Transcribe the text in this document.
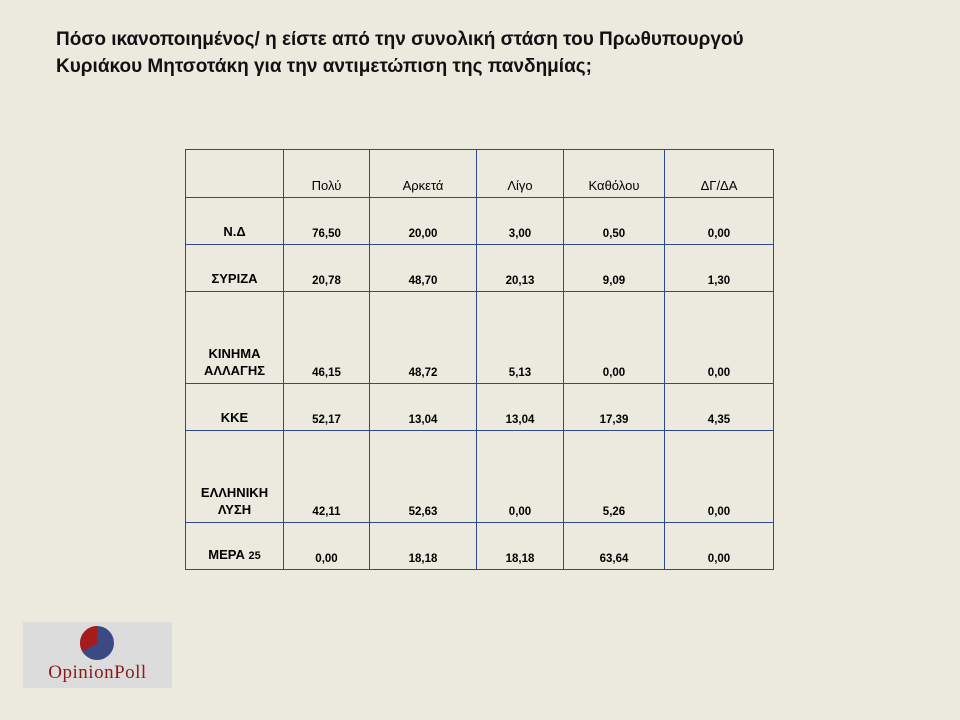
Πόσο ικανοποιημένος/ η είστε από την συνολική στάση του Πρωθυπουργού
Κυριάκου Μητσοτάκη για την αντιμετώπιση της πανδημίας;
	Πολύ	Αρκετά	Λίγο	Καθόλου	ΔΓ/ΔΑ
Ν.Δ	76,50	20,00	3,00	0,50	0,00
ΣΥΡΙΖΑ	20,78	48,70	20,13	9,09	1,30
ΚΙΝΗΜΑ
ΑΛΛΑΓΗΣ	46,15	48,72	5,13	0,00	0,00
ΚΚΕ	52,17	13,04	13,04	17,39	4,35
ΕΛΛΗΝΙΚΗ
ΛΥΣΗ	42,11	52,63	0,00	5,26	0,00
ΜΕΡΑ 25	0,00	18,18	18,18	63,64	0,00
OpinionPoll
